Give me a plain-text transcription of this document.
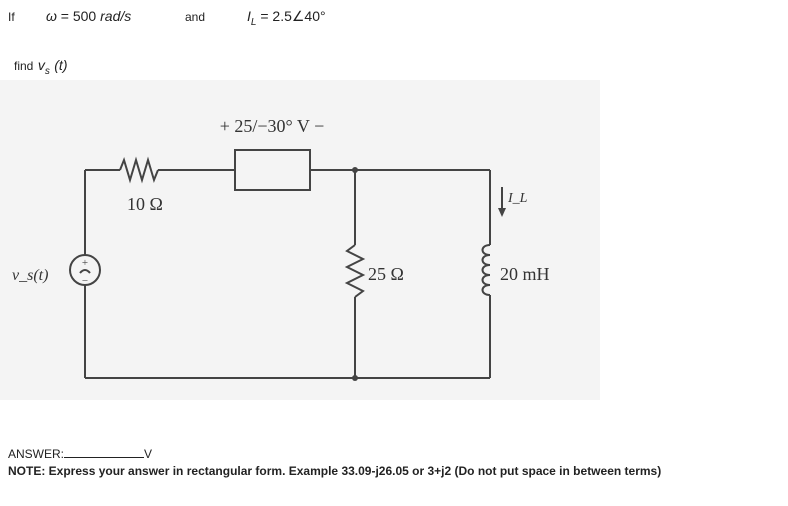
If ω = 500 rad/s	and	$I_L$ = 2.5∠40°
find $v_s$ (t)
+
−
+ 25/−30° V −
10 Ω
25 Ω	20 mH
v_s(t)
I_L
ANSWER:	V
NOTE: Express your answer in rectangular form. Example 33.09-j26.05 or 3+j2 (Do not put space in between terms)
